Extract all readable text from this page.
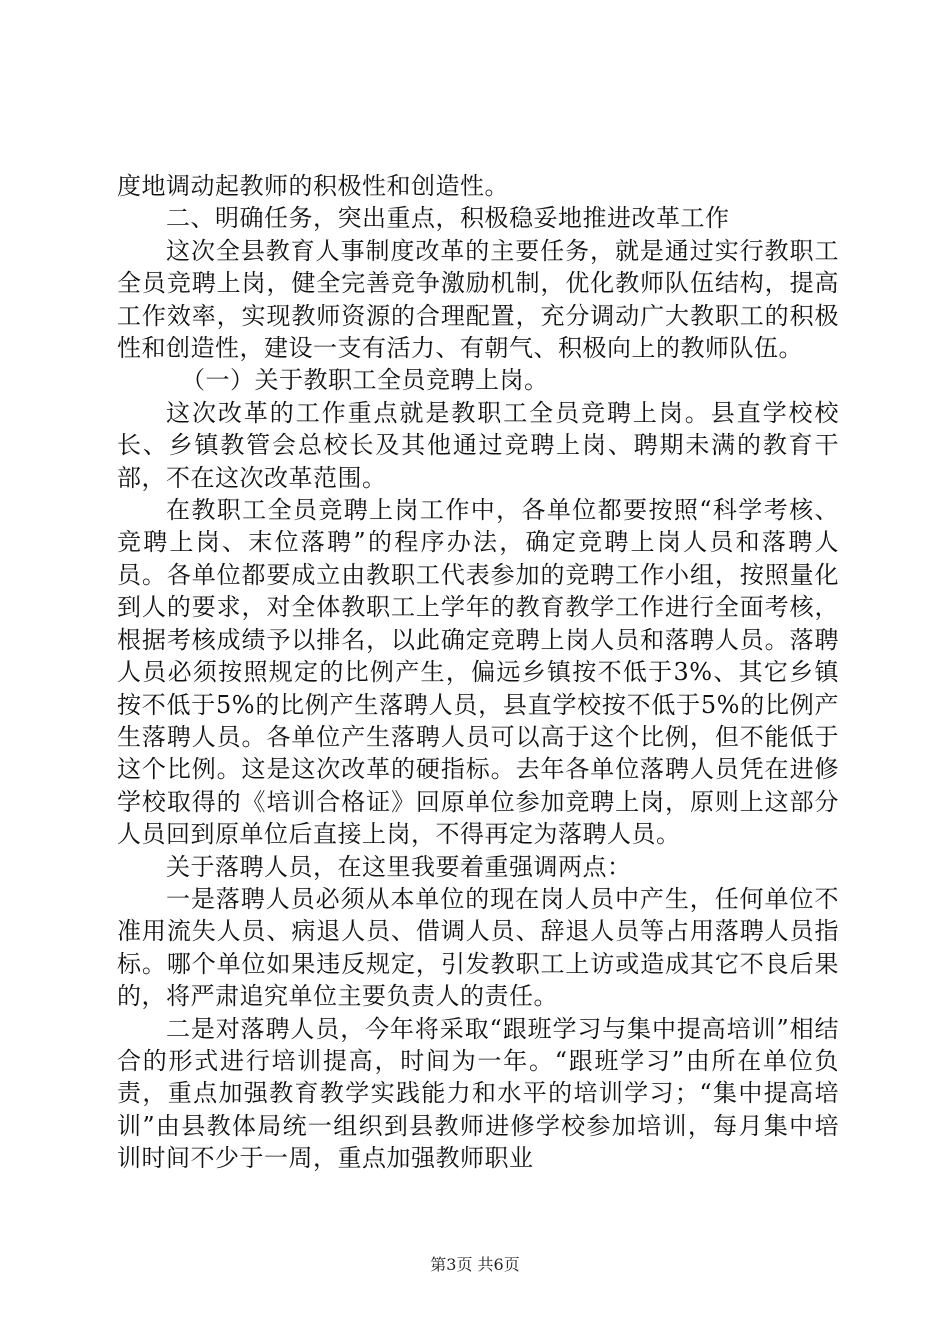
度地调动起教师的积极性和创造性。

二、明确任务，突出重点，积极稳妥地推进改革工作

这次全县教育人事制度改革的主要任务，就是通过实行教职工全员竞聘上岗，健全完善竞争激励机制，优化教师队伍结构，提高工作效率，实现教师资源的合理配置，充分调动广大教职工的积极性和创造性，建设一支有活力、有朝气、积极向上的教师队伍。

（一）关于教职工全员竞聘上岗。

这次改革的工作重点就是教职工全员竞聘上岗。县直学校校长、乡镇教管会总校长及其他通过竞聘上岗、聘期未满的教育干部，不在这次改革范围。

在教职工全员竞聘上岗工作中，各单位都要按照“科学考核、竞聘上岗、末位落聘”的程序办法，确定竞聘上岗人员和落聘人员。各单位都要成立由教职工代表参加的竞聘工作小组，按照量化到人的要求，对全体教职工上学年的教育教学工作进行全面考核，根据考核成绩予以排名，以此确定竞聘上岗人员和落聘人员。落聘人员必须按照规定的比例产生，偏远乡镇按不低于3%、其它乡镇按不低于5%的比例产生落聘人员，县直学校按不低于5%的比例产生落聘人员。各单位产生落聘人员可以高于这个比例，但不能低于这个比例。这是这次改革的硬指标。去年各单位落聘人员凭在进修学校取得的《培训合格证》回原单位参加竞聘上岗，原则上这部分人员回到原单位后直接上岗，不得再定为落聘人员。

关于落聘人员，在这里我要着重强调两点：

一是落聘人员必须从本单位的现在岗人员中产生，任何单位不准用流失人员、病退人员、借调人员、辞退人员等占用落聘人员指标。哪个单位如果违反规定，引发教职工上访或造成其它不良后果的，将严肃追究单位主要负责人的责任。

二是对落聘人员，今年将采取“跟班学习与集中提高培训”相结合的形式进行培训提高，时间为一年。“跟班学习”由所在单位负责，重点加强教育教学实践能力和水平的培训学习；“集中提高培训”由县教体局统一组织到县教师进修学校参加培训，每月集中培训时间不少于一周，重点加强教师职业

第3页 共6页
